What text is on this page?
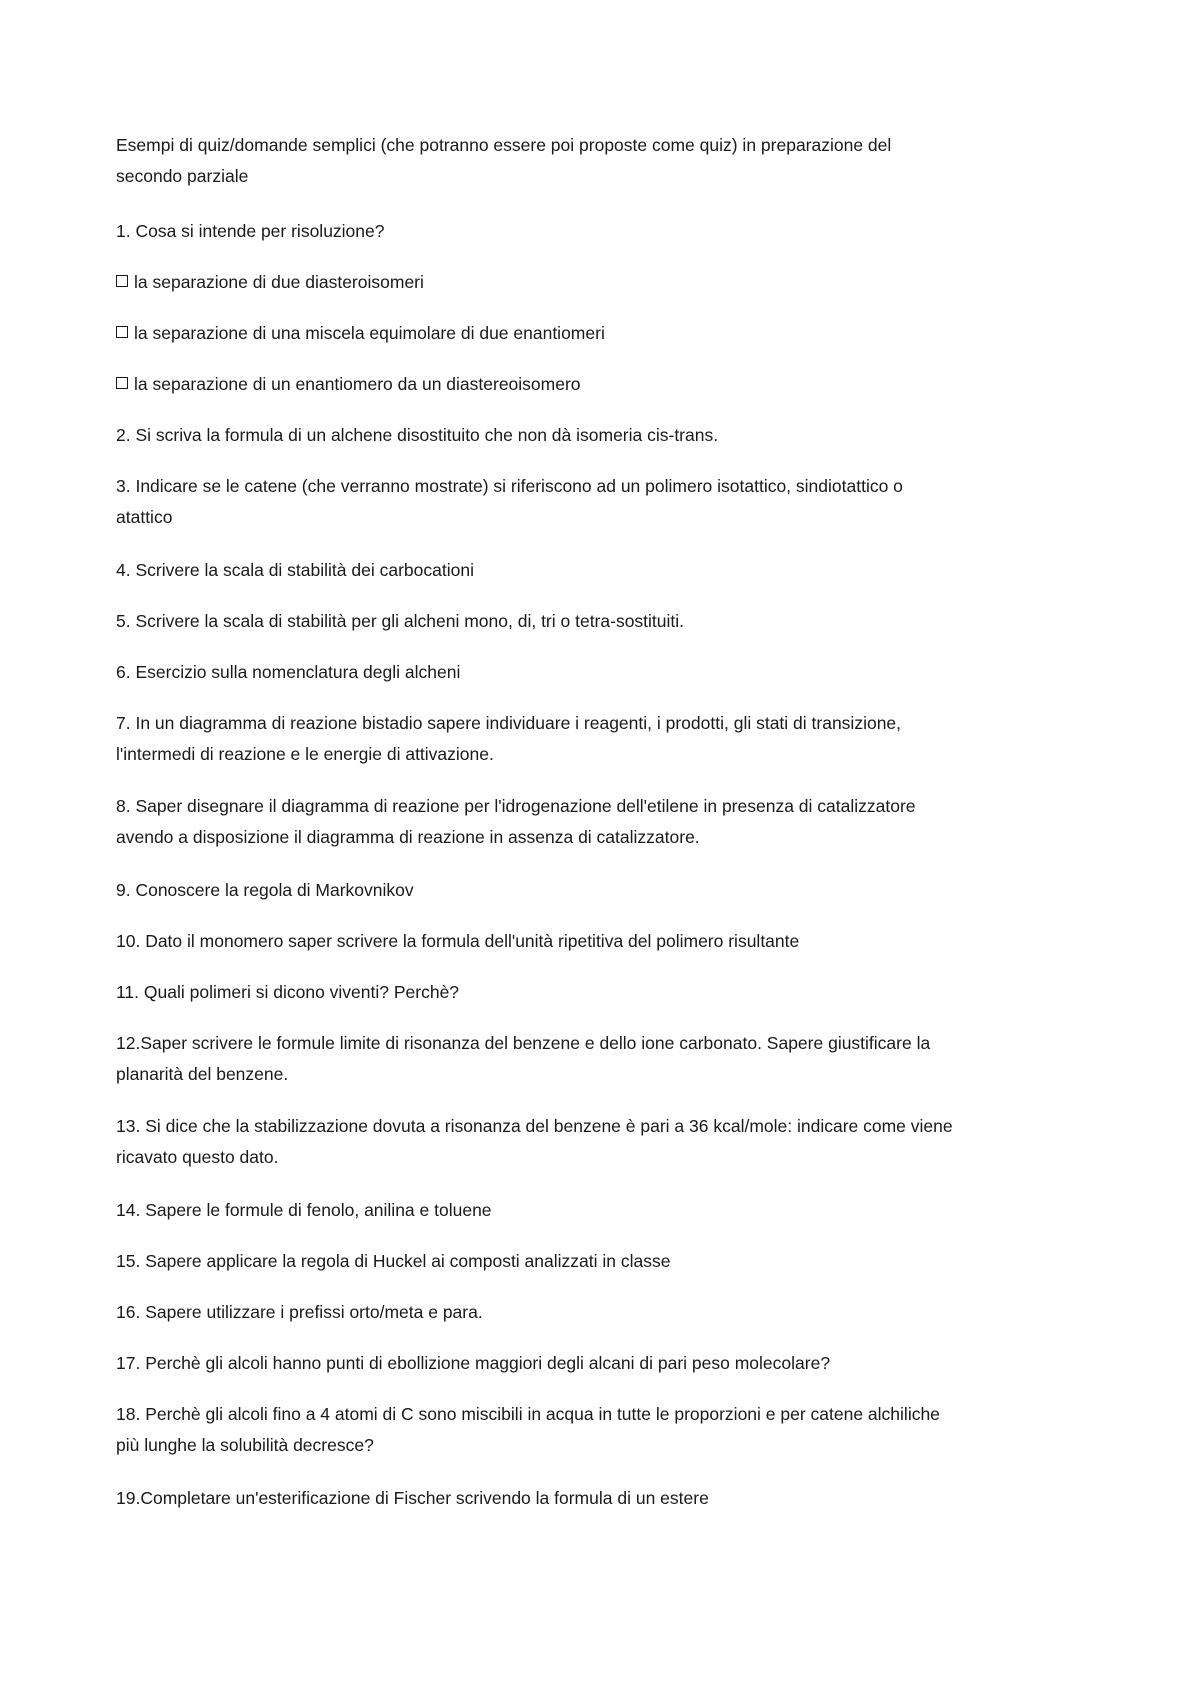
Esempi di quiz/domande semplici (che potranno essere poi proposte come quiz) in preparazione del
secondo parziale
1. Cosa si intende per risoluzione?
la separazione di due diasteroisomeri
la separazione di una miscela equimolare di due enantiomeri
la separazione di un enantiomero da un diastereoisomero
2. Si scriva la formula di un alchene disostituito che non dà isomeria cis-trans.
3. Indicare se le catene (che verranno mostrate) si riferiscono ad un polimero isotattico, sindiotattico o
atattico
4. Scrivere la scala di stabilità dei carbocationi
5. Scrivere la scala di stabilità per gli alcheni mono, di, tri o tetra-sostituiti.
6. Esercizio sulla nomenclatura degli alcheni
7. In un diagramma di reazione bistadio sapere individuare i reagenti, i prodotti, gli stati di transizione,
l'intermedi di reazione e le energie di attivazione.
8. Saper disegnare il diagramma di reazione per l'idrogenazione dell'etilene in presenza di catalizzatore
avendo a disposizione il diagramma di reazione in assenza di catalizzatore.
9. Conoscere la regola di Markovnikov
10. Dato il monomero saper scrivere la formula dell'unità ripetitiva del polimero risultante
11. Quali polimeri si dicono viventi? Perchè?
12.Saper scrivere le formule limite di risonanza del benzene e dello ione carbonato. Sapere giustificare la
planarità del benzene.
13. Si dice che la stabilizzazione dovuta a risonanza del benzene è pari a 36 kcal/mole: indicare come viene
ricavato questo dato.
14. Sapere le formule di fenolo, anilina e toluene
15. Sapere applicare la regola di Huckel ai composti analizzati in classe
16. Sapere utilizzare i prefissi orto/meta e para.
17. Perchè gli alcoli hanno punti di ebollizione maggiori degli alcani di pari peso molecolare?
18. Perchè gli alcoli fino a 4 atomi di C sono miscibili in acqua in tutte le proporzioni e per catene alchiliche
più lunghe la solubilità decresce?
19.Completare un'esterificazione di Fischer scrivendo la formula di un estere
